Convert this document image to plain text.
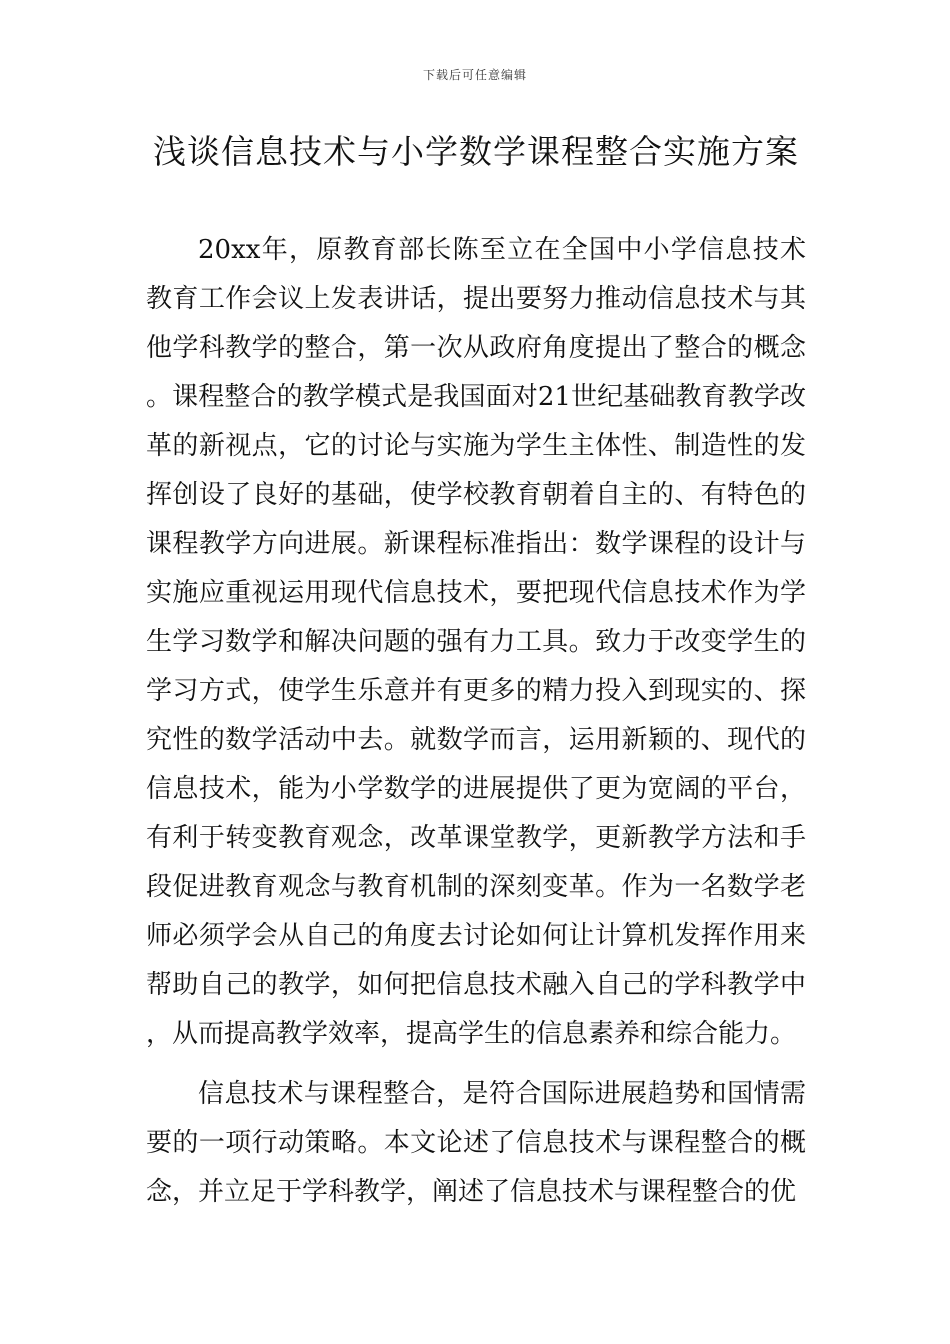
下载后可任意编辑
浅谈信息技术与小学数学课程整合实施方案

20xx年，原教育部长陈至立在全国中小学信息技术教育工作会议上发表讲话，提出要努力推动信息技术与其他学科教学的整合，第一次从政府角度提出了整合的概念。课程整合的教学模式是我国面对21世纪基础教育教学改革的新视点，它的讨论与实施为学生主体性、制造性的发挥创设了良好的基础，使学校教育朝着自主的、有特色的课程教学方向进展。新课程标准指出：数学课程的设计与实施应重视运用现代信息技术，要把现代信息技术作为学生学习数学和解决问题的强有力工具。致力于改变学生的学习方式，使学生乐意并有更多的精力投入到现实的、探究性的数学活动中去。就数学而言，运用新颖的、现代的信息技术，能为小学数学的进展提供了更为宽阔的平台，有利于转变教育观念，改革课堂教学，更新教学方法和手段促进教育观念与教育机制的深刻变革。作为一名数学老师必须学会从自己的角度去讨论如何让计算机发挥作用来帮助自己的教学，如何把信息技术融入自己的学科教学中，从而提高教学效率，提高学生的信息素养和综合能力。

信息技术与课程整合，是符合国际进展趋势和国情需要的一项行动策略。本文论述了信息技术与课程整合的概念，并立足于学科教学，阐述了信息技术与课程整合的优
